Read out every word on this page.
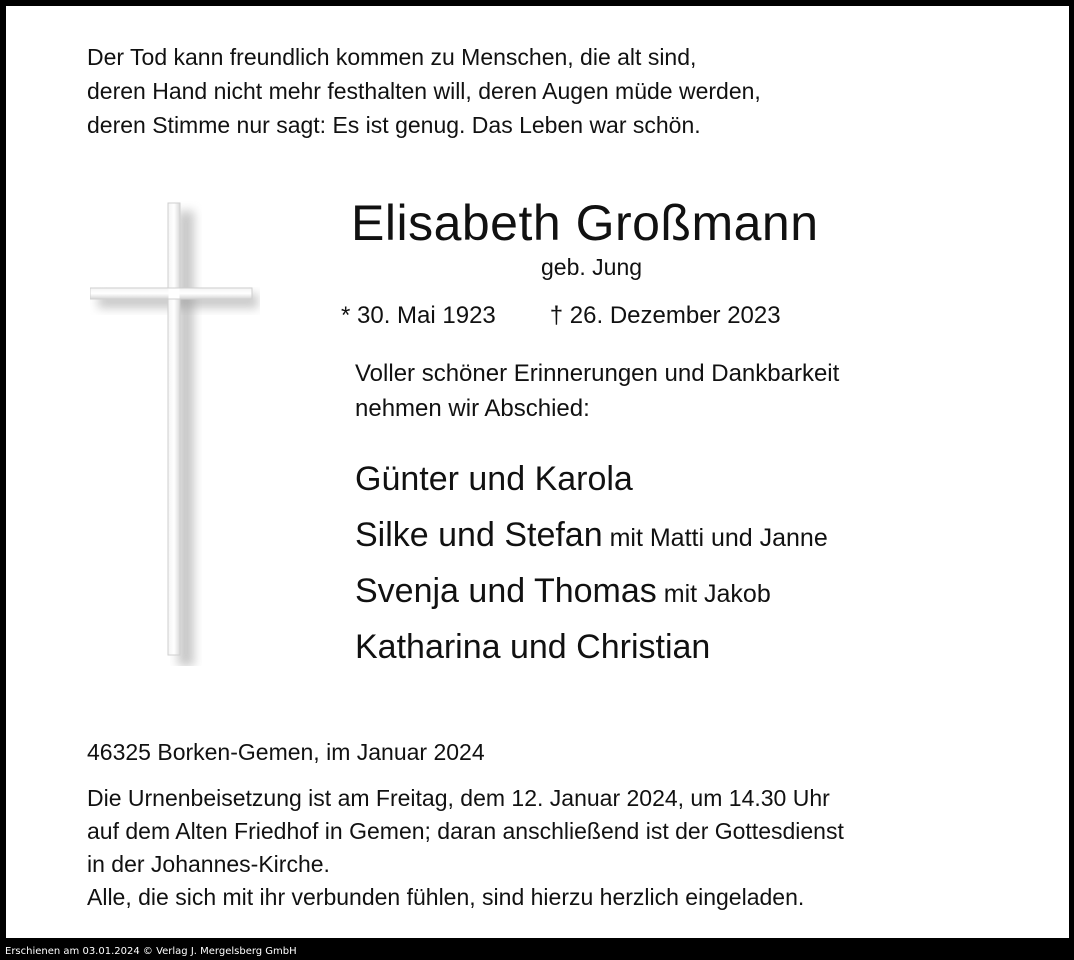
Der Tod kann freundlich kommen zu Menschen, die alt sind,
deren Hand nicht mehr festhalten will, deren Augen müde werden,
deren Stimme nur sagt: Es ist genug. Das Leben war schön.
Elisabeth Großmann
geb. Jung
* 30. Mai 1923 † 26. Dezember 2023
Voller schöner Erinnerungen und Dankbarkeit
nehmen wir Abschied:
Günter und Karola
Silke und Stefan mit Matti und Janne
Svenja und Thomas mit Jakob
Katharina und Christian
46325 Borken-Gemen, im Januar 2024
Die Urnenbeisetzung ist am Freitag, dem 12. Januar 2024, um 14.30 Uhr
auf dem Alten Friedhof in Gemen; daran anschließend ist der Gottesdienst
in der Johannes-Kirche.
Alle, die sich mit ihr verbunden fühlen, sind hierzu herzlich eingeladen.
Erschienen am 03.01.2024 © Verlag J. Mergelsberg GmbH
